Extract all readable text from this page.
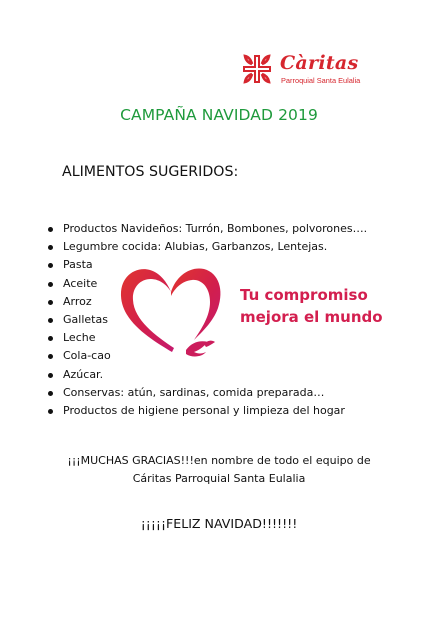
Càritas
Parroquial Santa Eulalia
CAMPAÑA NAVIDAD 2019
ALIMENTOS SUGERIDOS:
Productos Navideños: Turrón, Bombones, polvorones….
Legumbre cocida: Alubias, Garbanzos, Lentejas.
Pasta
Aceite
Arroz
Galletas
Leche
Cola-cao
Azúcar.
Conservas: atún, sardinas, comida preparada…
Productos de higiene personal y limpieza del hogar
Tu compromiso
mejora el mundo
¡¡¡MUCHAS GRACIAS!!!en nombre de todo el equipo de
Cáritas Parroquial Santa Eulalia
¡¡¡¡¡FELIZ NAVIDAD!!!!!!!
